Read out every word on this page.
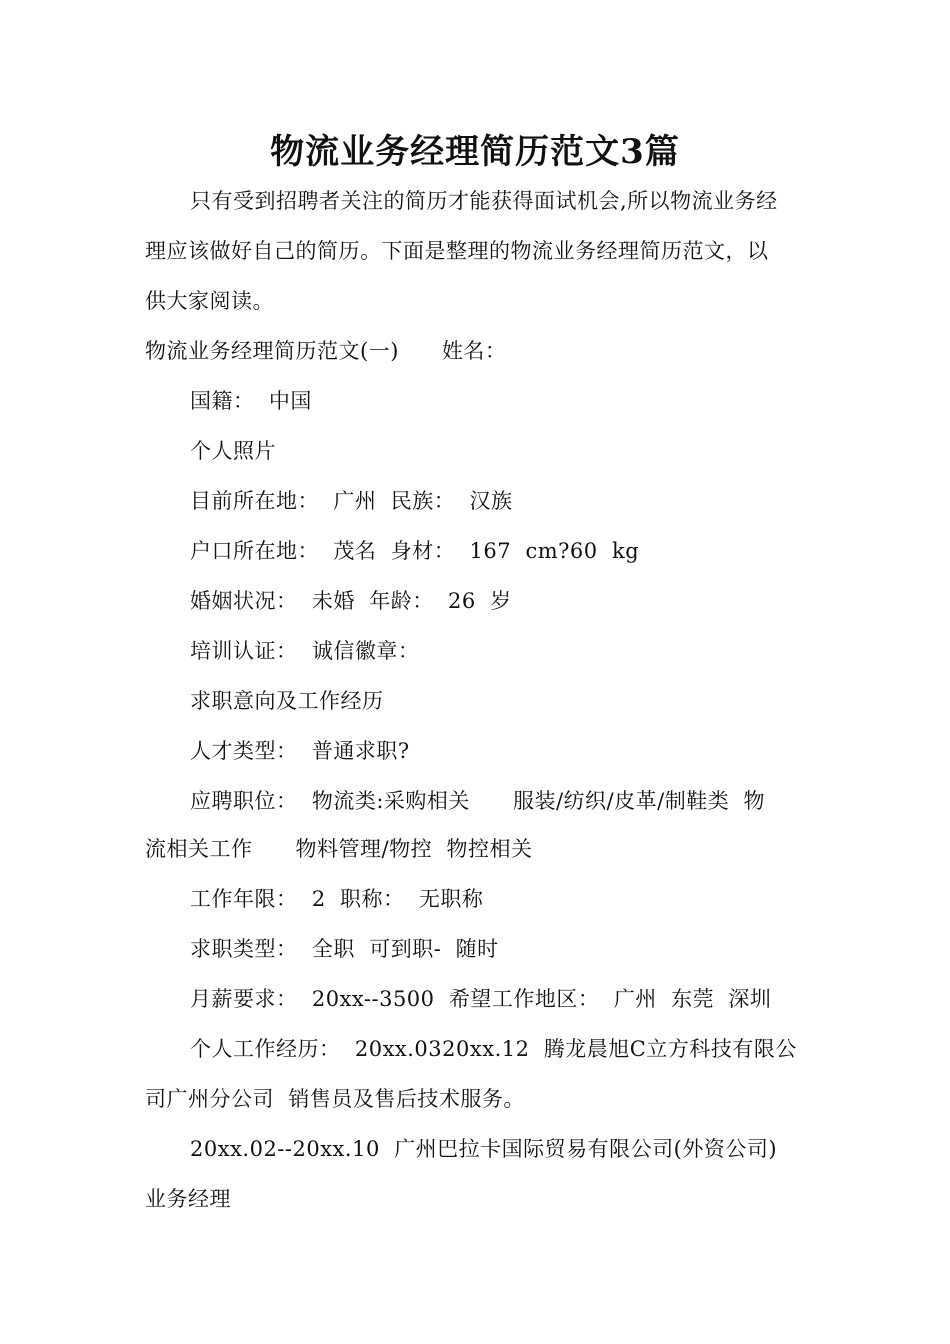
物流业务经理简历范文3篇
只有受到招聘者关注的简历才能获得面试机会,所以物流业务经
理应该做好自己的简历。下面是整理的物流业务经理简历范文，以
供大家阅读。
物流业务经理简历范文(一)      姓名：
国籍：  中国
个人照片
目前所在地：  广州  民族：  汉族
户口所在地：  茂名  身材：  167  cm?60  kg
婚姻状况：  未婚  年龄：  26  岁
培训认证：  诚信徽章：
求职意向及工作经历
人才类型：  普通求职?
应聘职位：  物流类:采购相关      服装/纺织/皮革/制鞋类  物
流相关工作      物料管理/物控  物控相关
工作年限：  2  职称：  无职称
求职类型：  全职  可到职-  随时
月薪要求：  20xx--3500  希望工作地区：  广州  东莞  深圳
个人工作经历：  20xx.0320xx.12  腾龙晨旭C立方科技有限公
司广州分公司  销售员及售后技术服务。
20xx.02--20xx.10  广州巴拉卡国际贸易有限公司(外资公司)
业务经理
